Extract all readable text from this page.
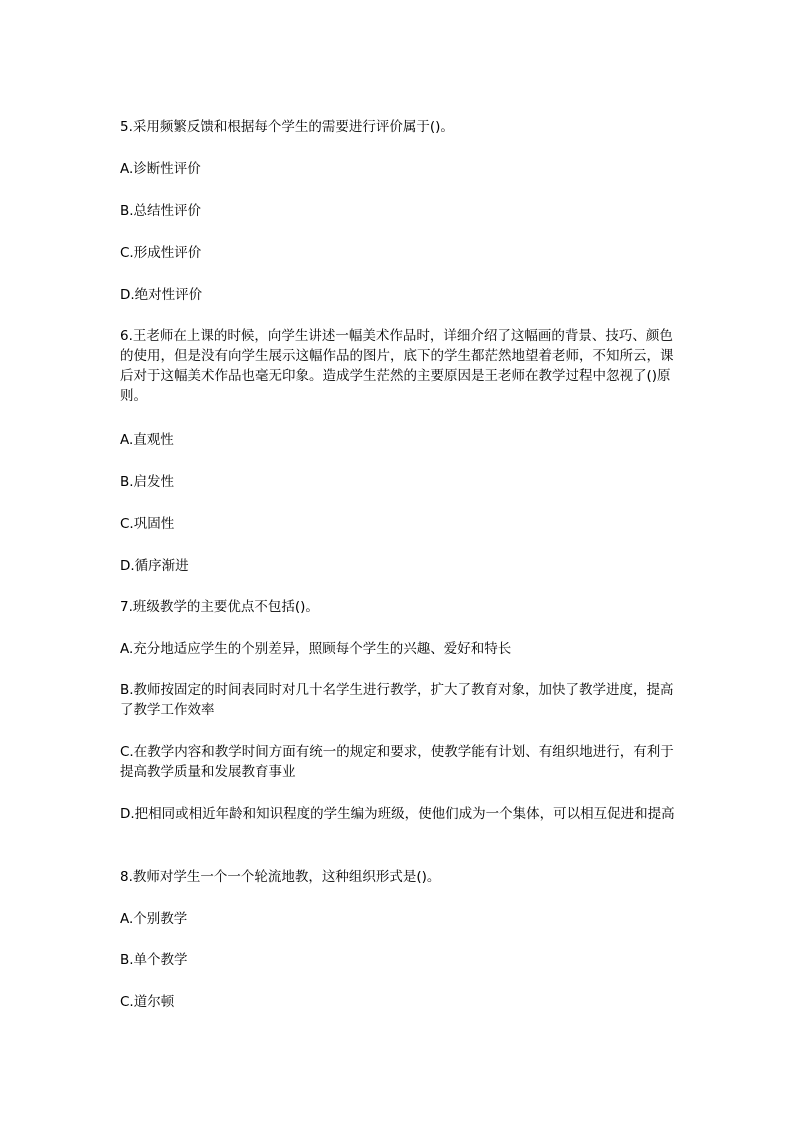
5.采用频繁反馈和根据每个学生的需要进行评价属于()。
A.诊断性评价
B.总结性评价
C.形成性评价
D.绝对性评价
6.王老师在上课的时候，向学生讲述一幅美术作品时，详细介绍了这幅画的背景、技巧、颜色的使用，但是没有向学生展示这幅作品的图片，底下的学生都茫然地望着老师，不知所云，课后对于这幅美术作品也毫无印象。造成学生茫然的主要原因是王老师在教学过程中忽视了()原则。
A.直观性
B.启发性
C.巩固性
D.循序渐进
7.班级教学的主要优点不包括()。
A.充分地适应学生的个别差异，照顾每个学生的兴趣、爱好和特长
B.教师按固定的时间表同时对几十名学生进行教学，扩大了教育对象，加快了教学进度，提高了教学工作效率
C.在教学内容和教学时间方面有统一的规定和要求，使教学能有计划、有组织地进行，有利于提高教学质量和发展教育事业
D.把相同或相近年龄和知识程度的学生编为班级，使他们成为一个集体，可以相互促进和提高
8.教师对学生一个一个轮流地教，这种组织形式是()。
A.个别教学
B.单个教学
C.道尔顿
